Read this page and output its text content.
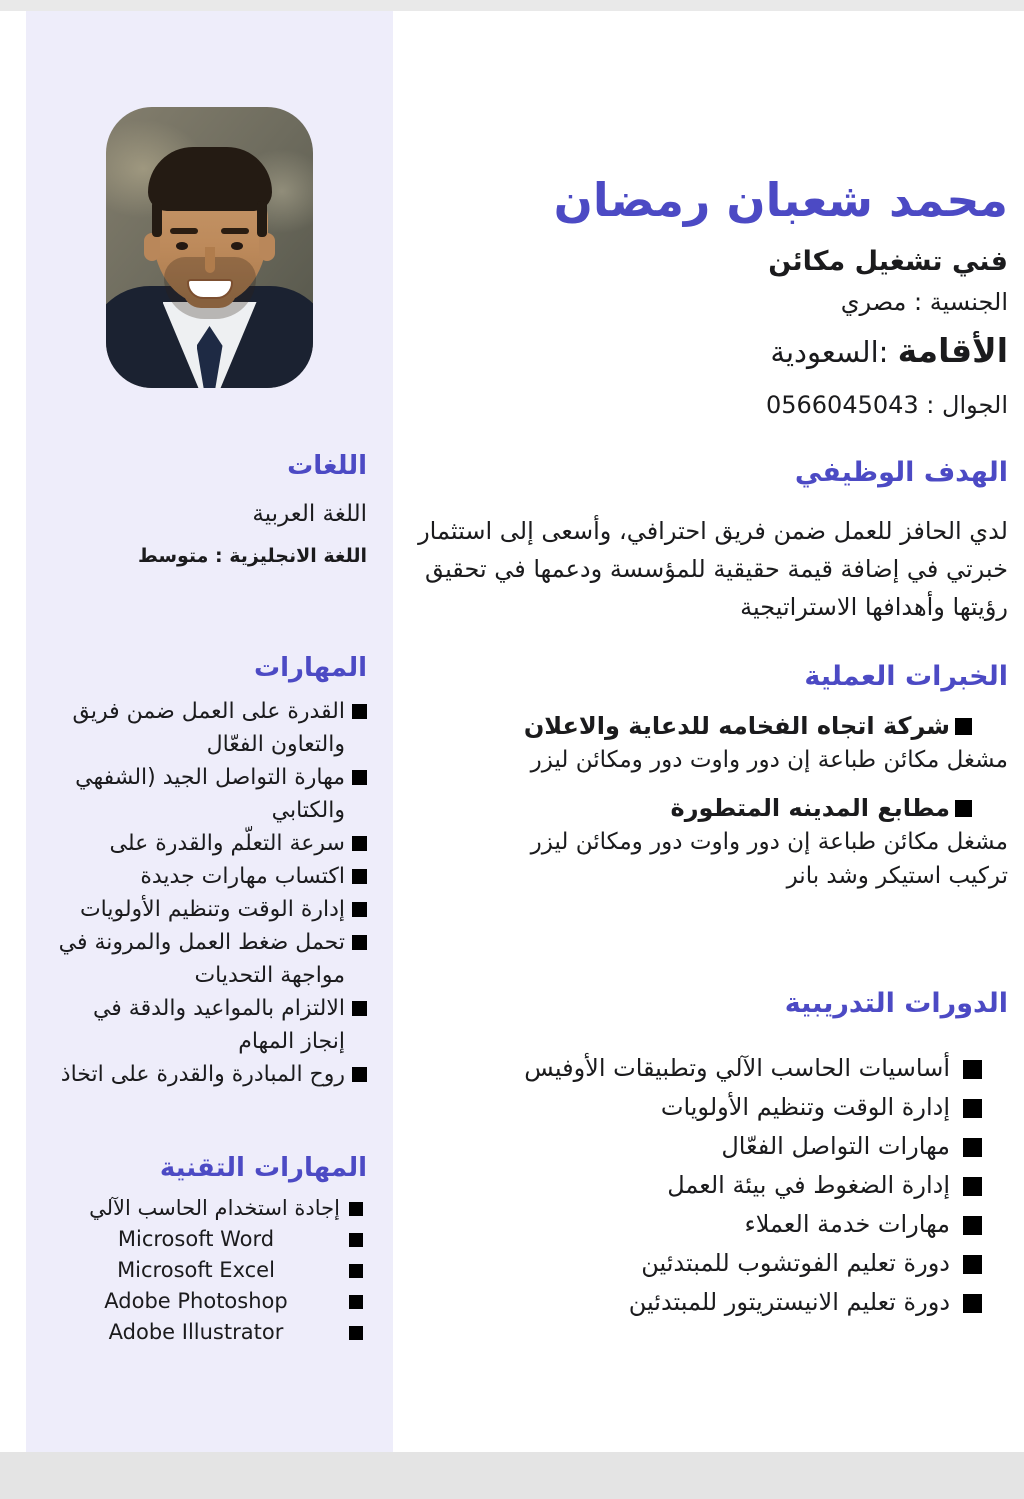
اللغات
اللغة العربية
اللغة الانجليزية : متوسط
المهارات
القدرة على العمل ضمن فريق والتعاون الفعّال
مهارة التواصل الجيد (الشفهي والكتابي
سرعة التعلّم والقدرة على
اكتساب مهارات جديدة
إدارة الوقت وتنظيم الأولويات
تحمل ضغط العمل والمرونة في مواجهة التحديات
الالتزام بالمواعيد والدقة في إنجاز المهام
روح المبادرة والقدرة على اتخاذ
المهارات التقنية
إجادة استخدام الحاسب الآلي
Microsoft Word
Microsoft Excel
Adobe Photoshop
Adobe Illustrator
محمد شعبان رمضان
فني تشغيل مكائن
الجنسية : مصري
الأقامة :السعودية
الجوال : 0566045043
الهدف الوظيفي

لدي الحافز للعمل ضمن فريق احترافي، وأسعى إلى استثمار خبرتي في إضافة قيمة حقيقية للمؤسسة ودعمها في تحقيق رؤيتها وأهدافها الاستراتيجية

الخبرات العملية
شركة اتجاه الفخامه للدعاية والاعلان
مشغل مكائن طباعة إن دور واوت دور ومكائن ليزر
مطابع المدينه المتطورة
مشغل مكائن طباعة إن دور واوت دور ومكائن ليزر
تركيب استيكر وشد بانر
الدورات التدريبية
أساسيات الحاسب الآلي وتطبيقات الأوفيس
إدارة الوقت وتنظيم الأولويات
مهارات التواصل الفعّال
إدارة الضغوط في بيئة العمل
مهارات خدمة العملاء
دورة تعليم الفوتشوب للمبتدئين
دورة تعليم الانيستريتور للمبتدئين
